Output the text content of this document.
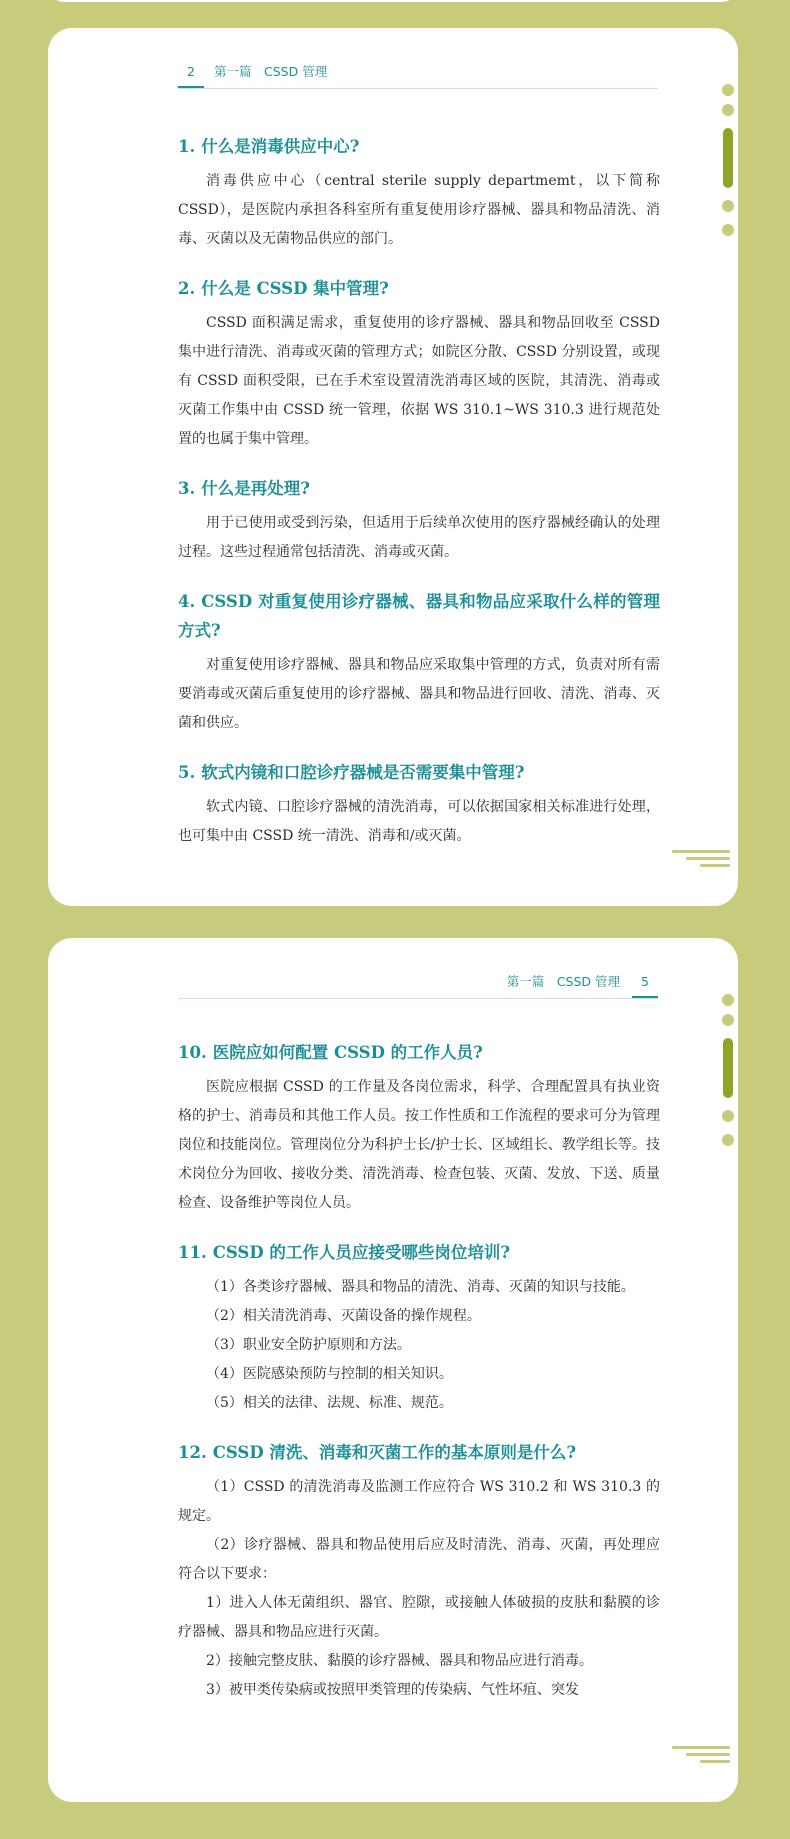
2	第一篇　CSSD 管理

1. 什么是消毒供应中心?

消毒供应中心（central sterile supply departmemt，以下简称 CSSD），是医院内承担各科室所有重复使用诊疗器械、器具和物品清洗、消毒、灭菌以及无菌物品供应的部门。

2. 什么是 CSSD 集中管理?

CSSD 面积满足需求，重复使用的诊疗器械、器具和物品回收至 CSSD 集中进行清洗、消毒或灭菌的管理方式；如院区分散、CSSD 分别设置，或现有 CSSD 面积受限，已在手术室设置清洗消毒区域的医院，其清洗、消毒或灭菌工作集中由 CSSD 统一管理，依据 WS 310.1~WS 310.3 进行规范处置的也属于集中管理。

3. 什么是再处理?

用于已使用或受到污染，但适用于后续单次使用的医疗器械经确认的处理过程。这些过程通常包括清洗、消毒或灭菌。

4. CSSD 对重复使用诊疗器械、器具和物品应采取什么样的管理方式?

对重复使用诊疗器械、器具和物品应采取集中管理的方式，负责对所有需要消毒或灭菌后重复使用的诊疗器械、器具和物品进行回收、清洗、消毒、灭菌和供应。

5. 软式内镜和口腔诊疗器械是否需要集中管理?

软式内镜、口腔诊疗器械的清洗消毒，可以依据国家相关标准进行处理，也可集中由 CSSD 统一清洗、消毒和/或灭菌。

第一篇　CSSD 管理	5

10. 医院应如何配置 CSSD 的工作人员?

医院应根据 CSSD 的工作量及各岗位需求，科学、合理配置具有执业资格的护士、消毒员和其他工作人员。按工作性质和工作流程的要求可分为管理岗位和技能岗位。管理岗位分为科护士长/护士长、区域组长、教学组长等。技术岗位分为回收、接收分类、清洗消毒、检查包装、灭菌、发放、下送、质量检查、设备维护等岗位人员。

11. CSSD 的工作人员应接受哪些岗位培训?

（1）各类诊疗器械、器具和物品的清洗、消毒、灭菌的知识与技能。

（2）相关清洗消毒、灭菌设备的操作规程。

（3）职业安全防护原则和方法。

（4）医院感染预防与控制的相关知识。

（5）相关的法律、法规、标准、规范。

12. CSSD 清洗、消毒和灭菌工作的基本原则是什么?

（1）CSSD 的清洗消毒及监测工作应符合 WS 310.2 和 WS 310.3 的规定。

（2）诊疗器械、器具和物品使用后应及时清洗、消毒、灭菌，再处理应符合以下要求：

1）进入人体无菌组织、器官、腔隙，或接触人体破损的皮肤和黏膜的诊疗器械、器具和物品应进行灭菌。

2）接触完整皮肤、黏膜的诊疗器械、器具和物品应进行消毒。

3）被甲类传染病或按照甲类管理的传染病、气性坏疽、突发
